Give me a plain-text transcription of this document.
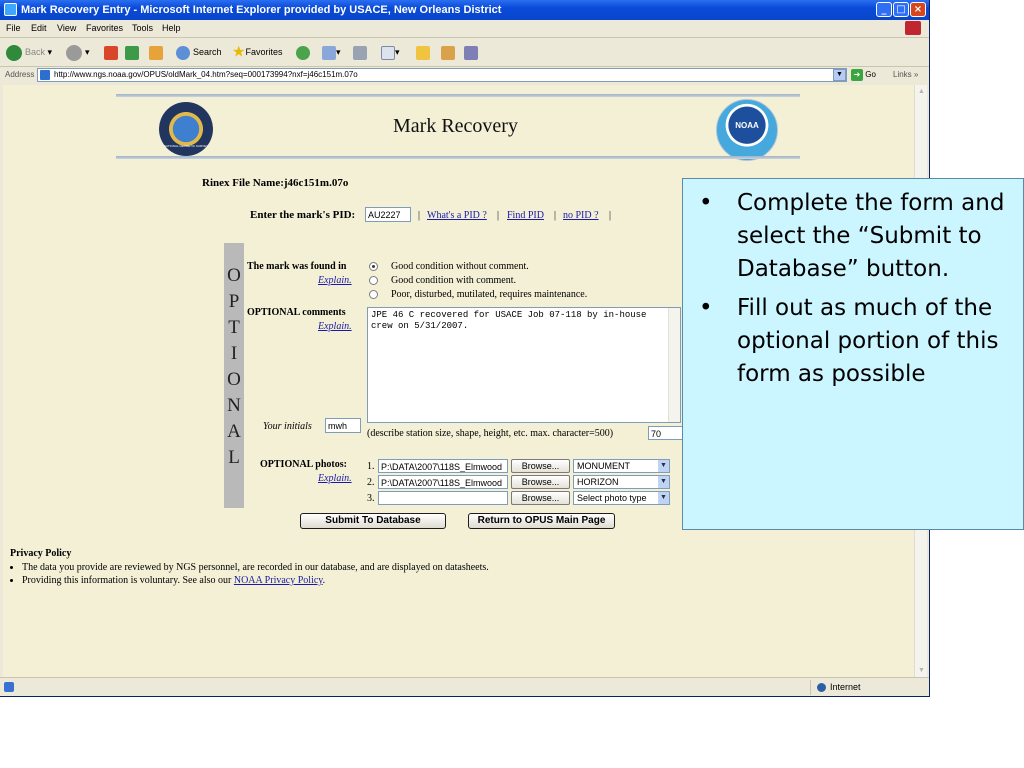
Mark Recovery Entry - Microsoft Internet Explorer provided by USACE, New Orleans District	_ □ ×
File Edit View Favorites Tools Help
Back ▾	▾	Search ★Favorites	▾	▾
Address http://www.ngs.noaa.gov/OPUS/oldMark_04.htm?seq=000173994?nxf=j46c151m.07o	▼	➜ Go Links »
NATIONAL GEODETIC SURVEY
Mark Recovery	NOAA
Rinex File Name:j46c151m.07o
Enter the mark's PID:	AU2227	| What's a PID ? | Find PID | no PID ? |
O
P
T
I
O
N
A
L
The mark was found in
Explain.
Good condition without comment.
Good condition with comment.
Poor, disturbed, mutilated, requires maintenance.
OPTIONAL comments
Explain.
JPE 46 C recovered for USACE Job 07-118 by in-house crew on 5/31/2007.
Your initials	mwh
(describe station size, shape, height, etc. max. character=500)	70
OPTIONAL photos:
Explain.
1. P:\DATA\2007\118S_Elmwood	Browse...	MONUMENT	▼
2. P:\DATA\2007\118S_Elmwood	Browse...	HORIZON	▼
3.	Browse...	Select photo type ▼
Submit To Database	Return to OPUS Main Page
Privacy Policy
• The data you provide are reviewed by NGS personnel, are recorded in our database, and are displayed on datasheets.
• Providing this information is voluntary. See also our NOAA Privacy Policy.
▲
▼
Internet
• Complete the form and select the “Submit to Database” button.
• Fill out as much of the optional portion of this form as possible
